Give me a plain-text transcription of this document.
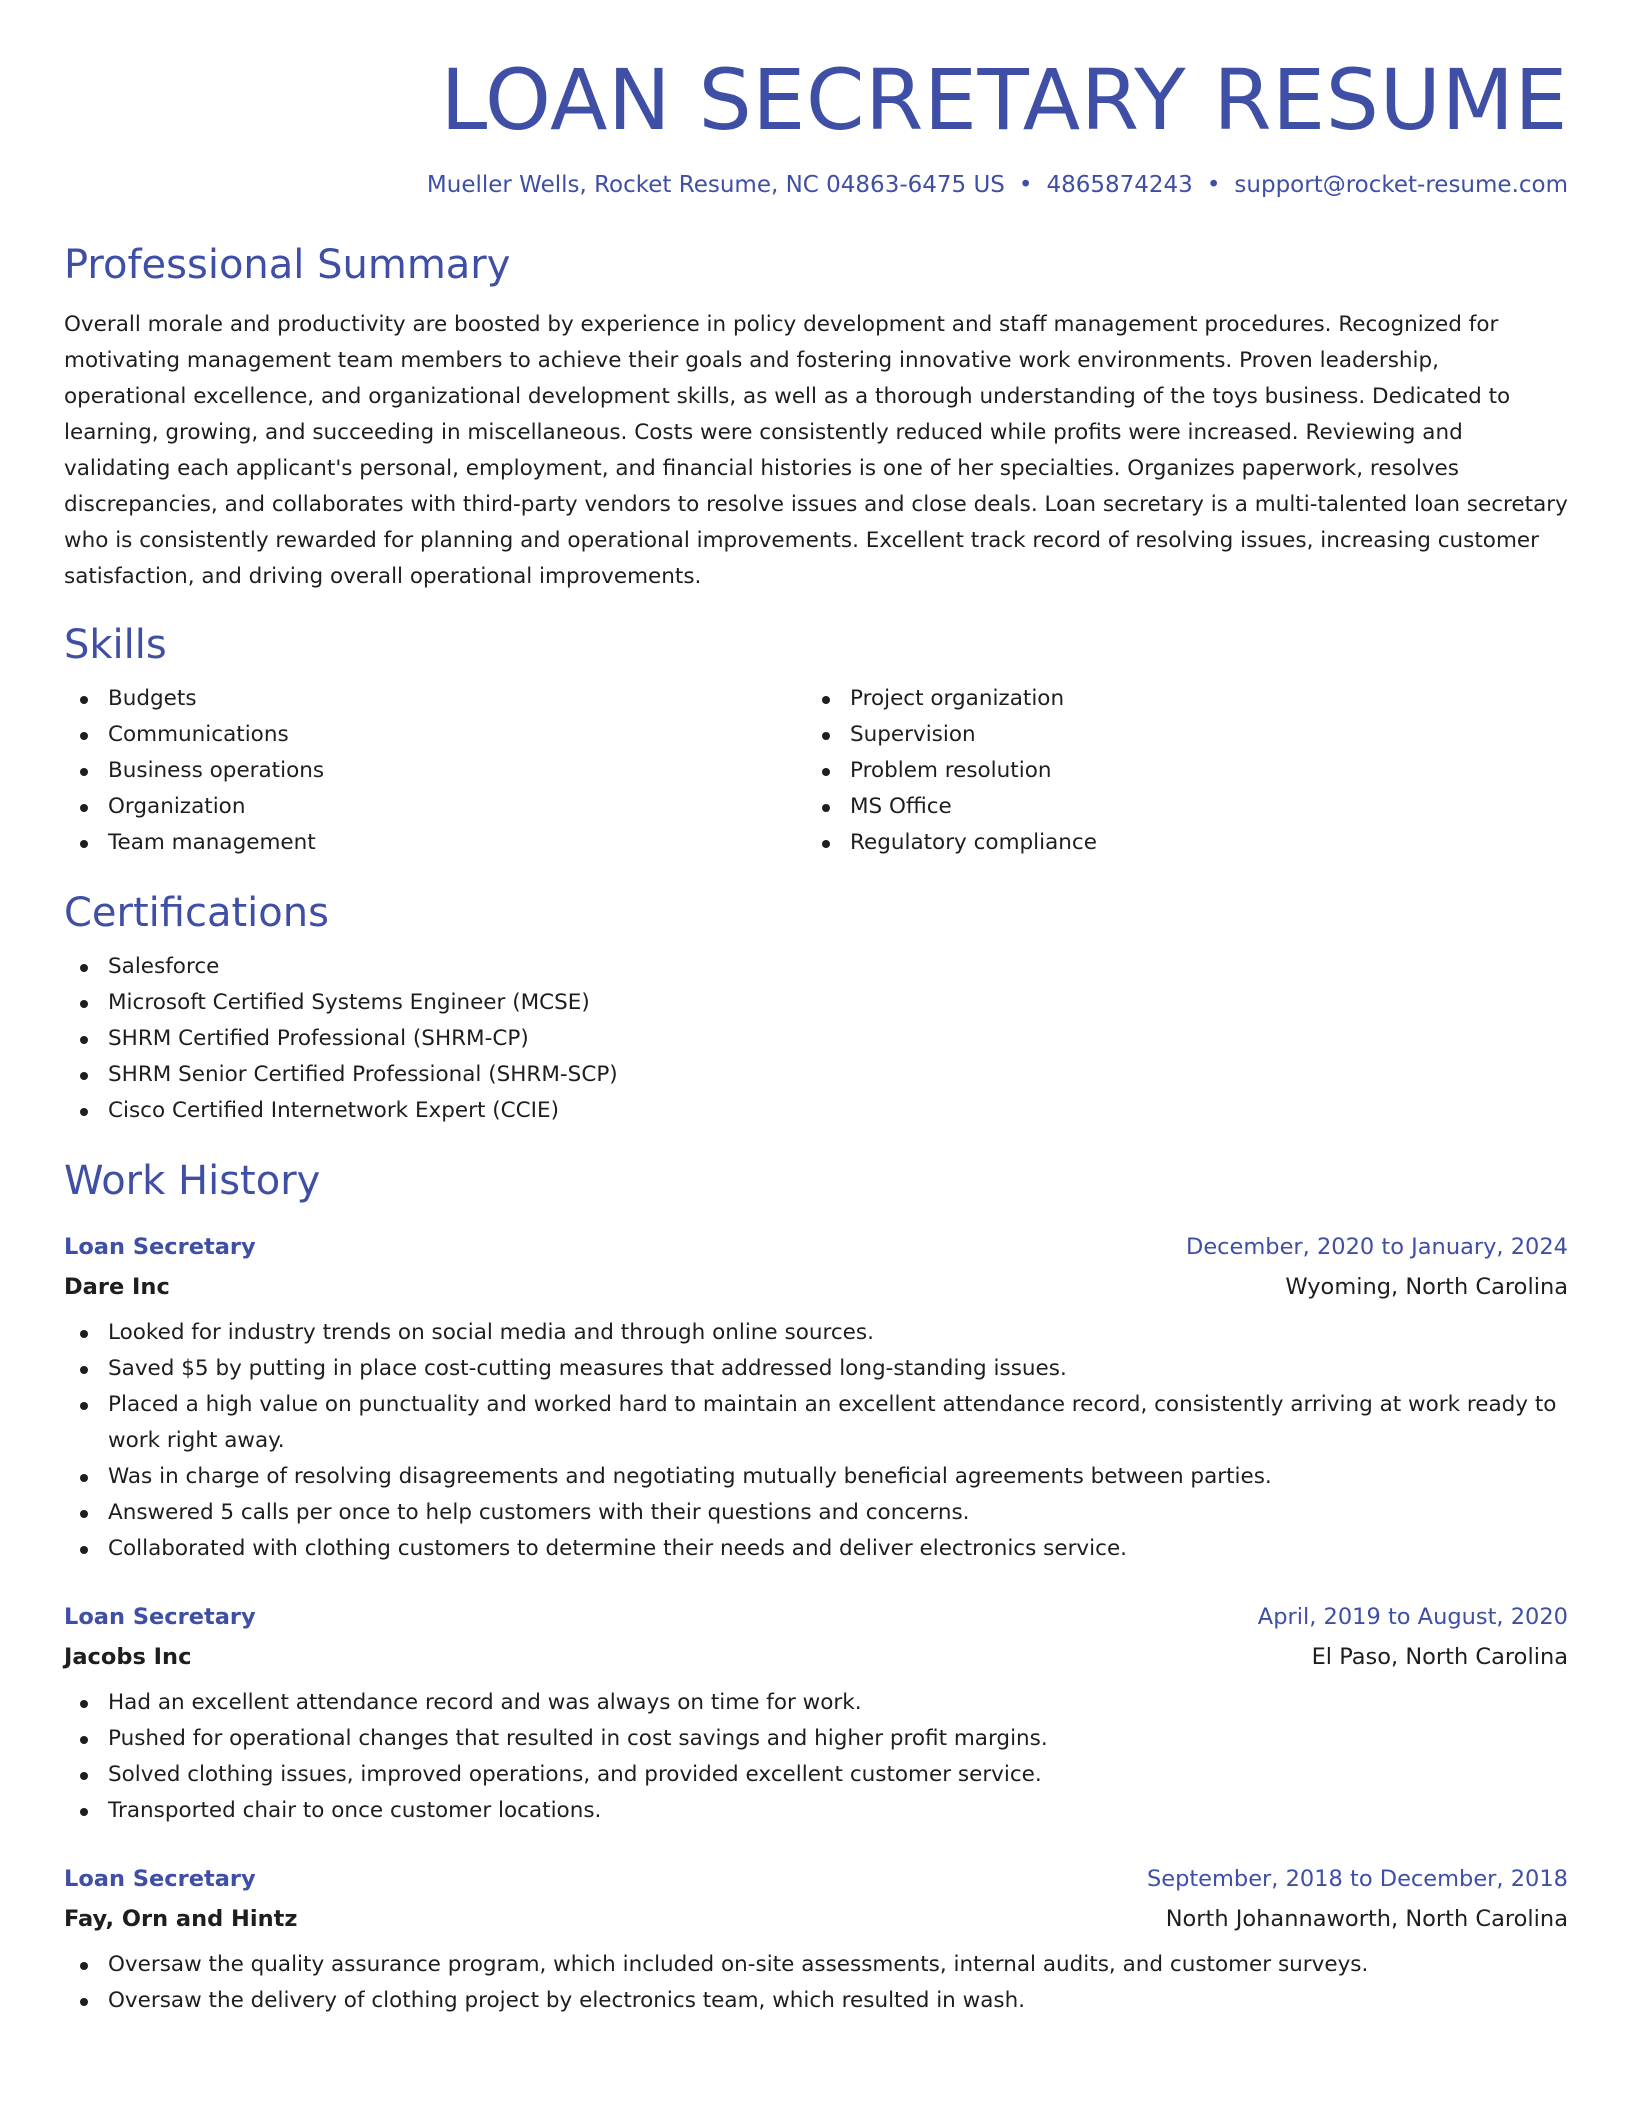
LOAN SECRETARY RESUME
Mueller Wells, Rocket Resume, NC 04863-6475 US • 4865874243 • support@rocket-resume.com
Professional Summary

Overall morale and productivity are boosted by experience in policy development and staff management procedures. Recognized for motivating management team members to achieve their goals and fostering innovative work environments. Proven leadership, operational excellence, and organizational development skills, as well as a thorough understanding of the toys business. Dedicated to learning, growing, and succeeding in miscellaneous. Costs were consistently reduced while profits were increased. Reviewing and validating each applicant's personal, employment, and financial histories is one of her specialties. Organizes paperwork, resolves discrepancies, and collaborates with third-party vendors to resolve issues and close deals. Loan secretary is a multi-talented loan secretary who is consistently rewarded for planning and operational improvements. Excellent track record of resolving issues, increasing customer satisfaction, and driving overall operational improvements.

Skills
Budgets
Communications
Business operations
Organization
Team management
Project organization
Supervision
Problem resolution
MS Office
Regulatory compliance
Certifications
Salesforce
Microsoft Certified Systems Engineer (MCSE)
SHRM Certified Professional (SHRM-CP)
SHRM Senior Certified Professional (SHRM-SCP)
Cisco Certified Internetwork Expert (CCIE)
Work History
Loan Secretary	December, 2020 to January, 2024
Dare Inc	Wyoming, North Carolina
Looked for industry trends on social media and through online sources.
Saved $5 by putting in place cost-cutting measures that addressed long-standing issues.
Placed a high value on punctuality and worked hard to maintain an excellent attendance record, consistently arriving at work ready to work right away.
Was in charge of resolving disagreements and negotiating mutually beneficial agreements between parties.
Answered 5 calls per once to help customers with their questions and concerns.
Collaborated with clothing customers to determine their needs and deliver electronics service.
Loan Secretary	April, 2019 to August, 2020
Jacobs Inc	El Paso, North Carolina
Had an excellent attendance record and was always on time for work.
Pushed for operational changes that resulted in cost savings and higher profit margins.
Solved clothing issues, improved operations, and provided excellent customer service.
Transported chair to once customer locations.
Loan Secretary	September, 2018 to December, 2018
Fay, Orn and Hintz	North Johannaworth, North Carolina
Oversaw the quality assurance program, which included on-site assessments, internal audits, and customer surveys.
Oversaw the delivery of clothing project by electronics team, which resulted in wash.
